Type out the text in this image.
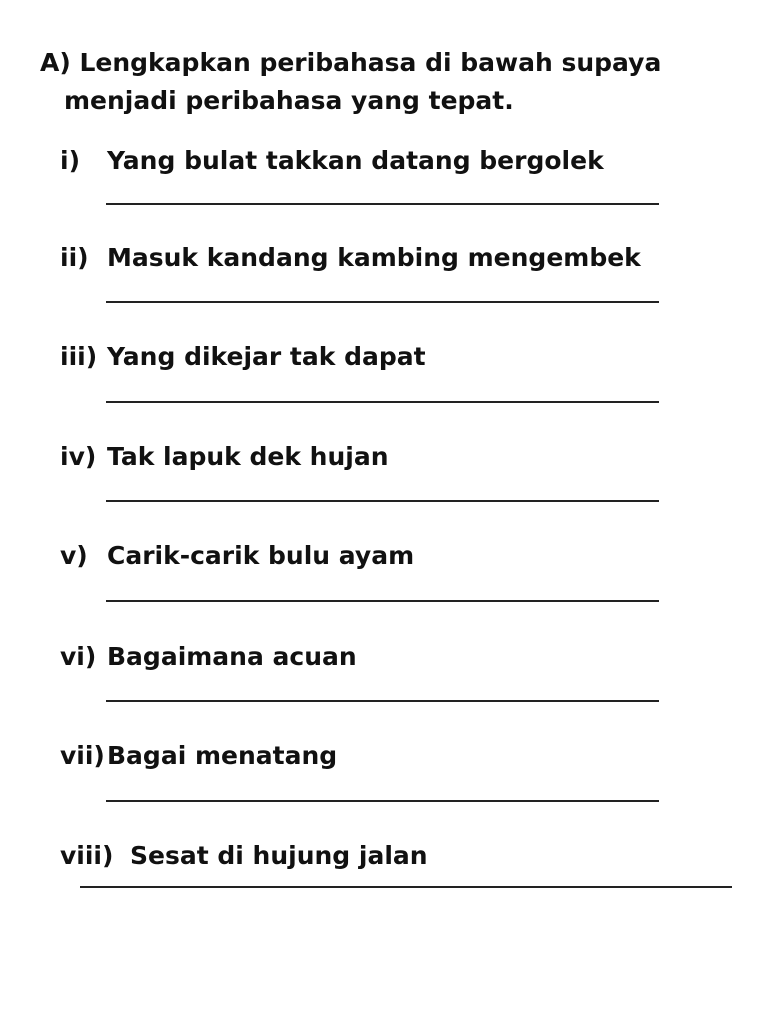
A) Lengkapkan peribahasa di bawah supaya
menjadi peribahasa yang tepat.
i) Yang bulat takkan datang bergolek
ii) Masuk kandang kambing mengembek
iii) Yang dikejar tak dapat
iv) Tak lapuk dek hujan
v) Carik-carik bulu ayam
vi) Bagaimana acuan
vii) Bagai menatang
viii) Sesat di hujung jalan
